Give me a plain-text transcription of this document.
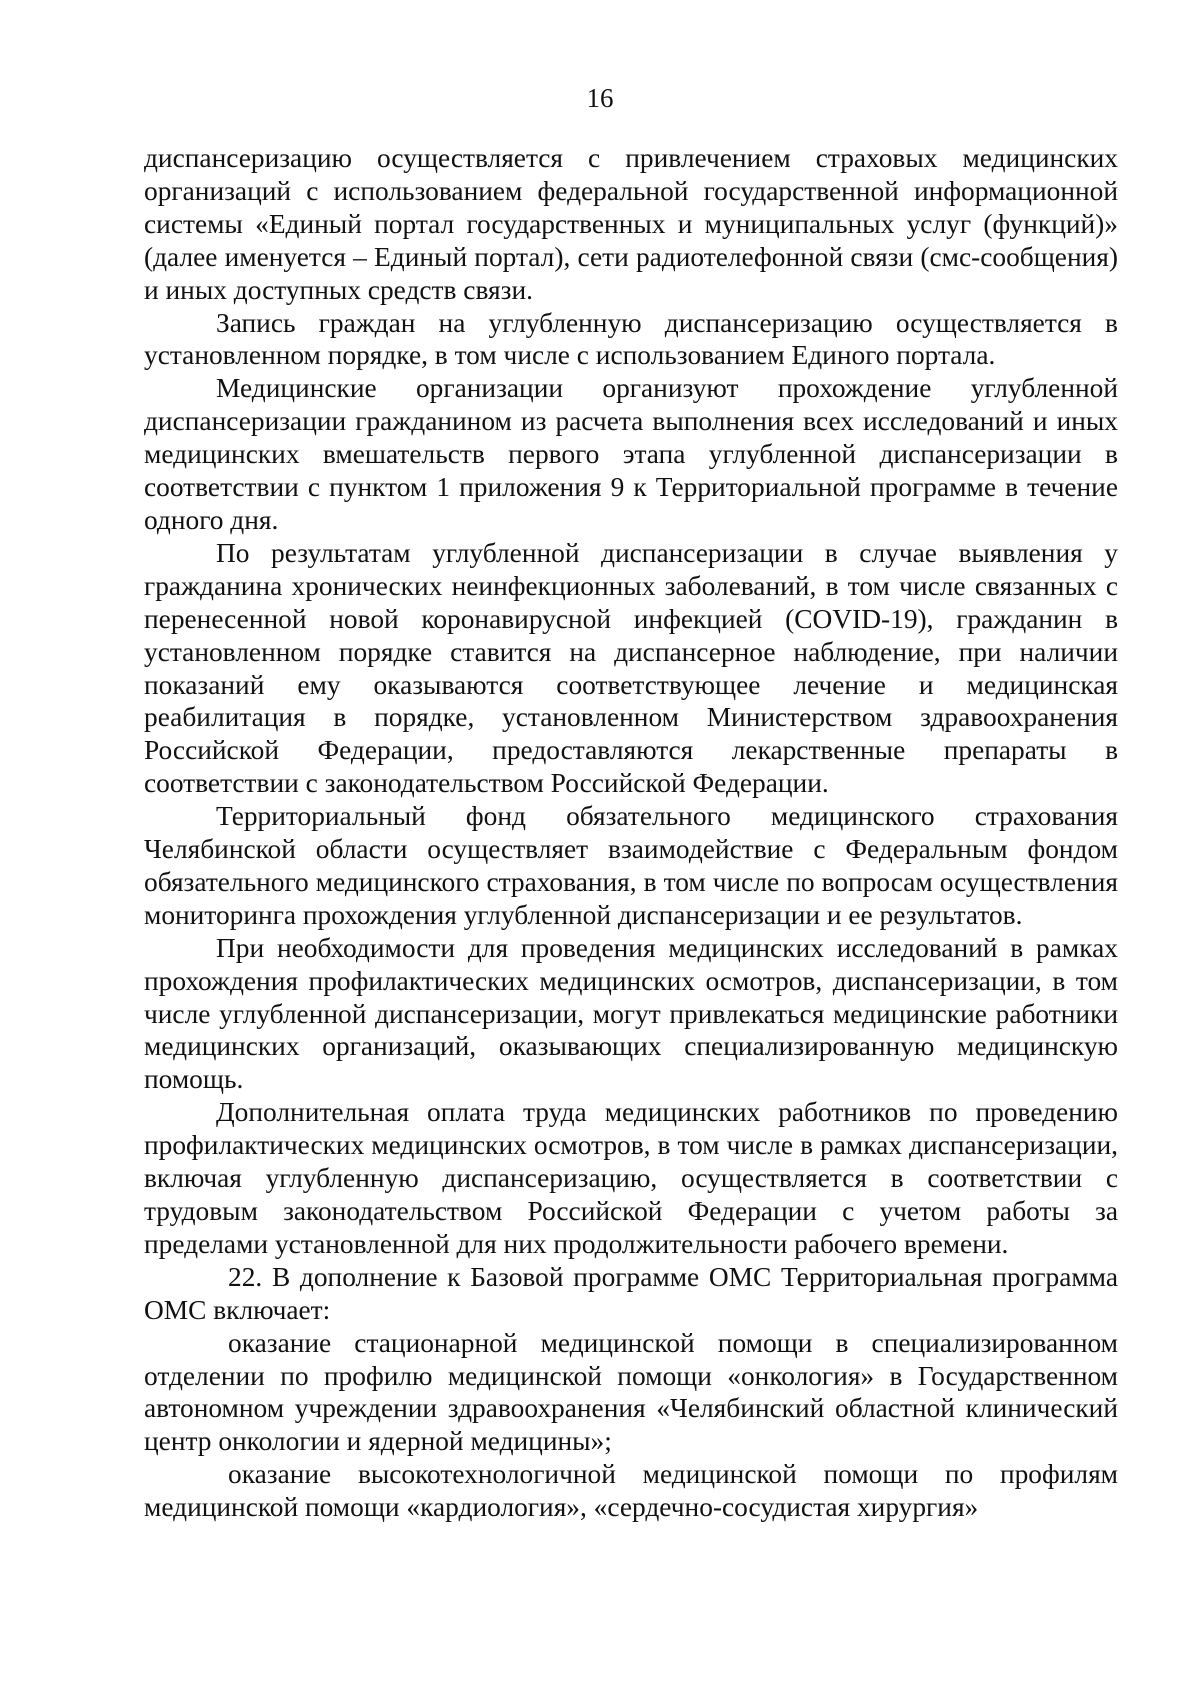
16

диспансеризацию осуществляется с привлечением страховых медицинских организаций с использованием федеральной государственной информационной системы «Единый портал государственных и муниципальных услуг (функций)» (далее именуется – Единый портал), сети радиотелефонной связи (смс-сообщения) и иных доступных средств связи.

Запись граждан на углубленную диспансеризацию осуществляется в установленном порядке, в том числе с использованием Единого портала.

Медицинские организации организуют прохождение углубленной диспансеризации гражданином из расчета выполнения всех исследований и иных медицинских вмешательств первого этапа углубленной диспансеризации в соответствии с пунктом 1 приложения 9 к Территориальной программе в течение одного дня.

По результатам углубленной диспансеризации в случае выявления у гражданина хронических неинфекционных заболеваний, в том числе связанных с перенесенной новой коронавирусной инфекцией (COVID-19), гражданин в установленном порядке ставится на диспансерное наблюдение, при наличии показаний ему оказываются соответствующее лечение и медицинская реабилитация в порядке, установленном Министерством здравоохранения Российской Федерации, предоставляются лекарственные препараты в соответствии с законодательством Российской Федерации.

Территориальный фонд обязательного медицинского страхования Челябинской области осуществляет взаимодействие с Федеральным фондом обязательного медицинского страхования, в том числе по вопросам осуществления мониторинга прохождения углубленной диспансеризации и ее результатов.

При необходимости для проведения медицинских исследований в рамках прохождения профилактических медицинских осмотров, диспансеризации, в том числе углубленной диспансеризации, могут привлекаться медицинские работники медицинских организаций, оказывающих специализированную медицинскую помощь.

Дополнительная оплата труда медицинских работников по проведению профилактических медицинских осмотров, в том числе в рамках диспансеризации, включая углубленную диспансеризацию, осуществляется в соответствии с трудовым законодательством Российской Федерации с учетом работы за пределами установленной для них продолжительности рабочего времени.

22. В дополнение к Базовой программе ОМС Территориальная программа ОМС включает:

оказание стационарной медицинской помощи в специализированном отделении по профилю медицинской помощи «онкология» в Государственном автономном учреждении здравоохранения «Челябинский областной клинический центр онкологии и ядерной медицины»;

оказание высокотехнологичной медицинской помощи по профилям медицинской помощи «кардиология», «сердечно-сосудистая хирургия»
